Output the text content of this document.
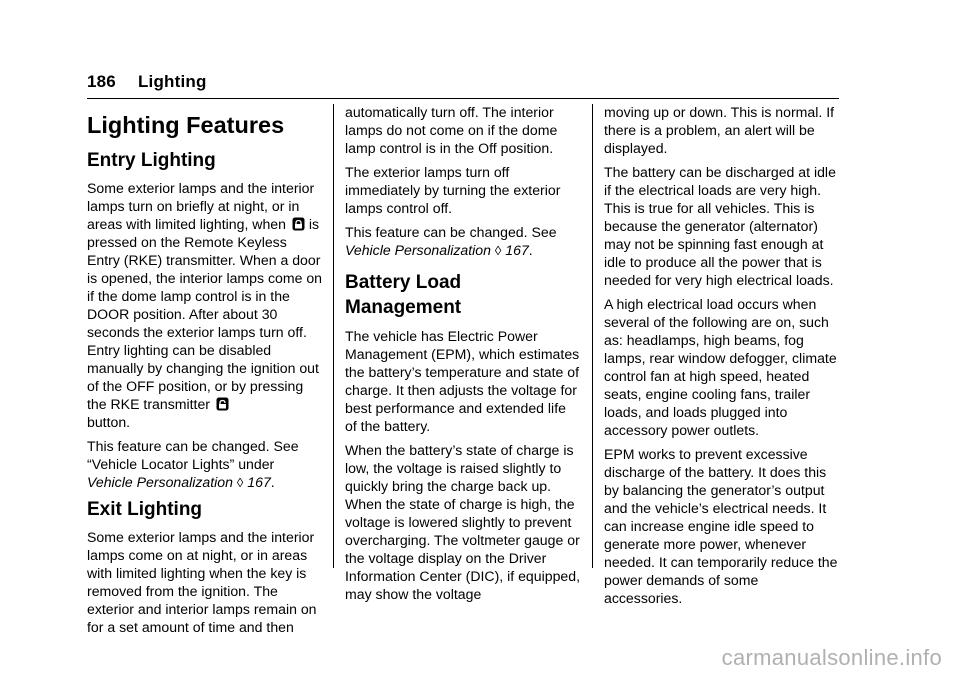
186 Lighting
Lighting Features
Entry Lighting

Some exterior lamps and the interior lamps turn on briefly at night, or in areas with limited lighting, when is pressed on the Remote Keyless Entry (RKE) transmitter. When a door is opened, the interior lamps come on if the dome lamp control is in the DOOR position. After about 30 seconds the exterior lamps turn off. Entry lighting can be disabled manually by changing the ignition out of the OFF position, or by pressing the RKE transmitter
button.

This feature can be changed. See “Vehicle Locator Lights” under
Vehicle Personalization ◊ 167.

Exit Lighting

Some exterior lamps and the interior lamps come on at night, or in areas with limited lighting when the key is removed from the ignition. The exterior and interior lamps remain on for a set amount of time and then

automatically turn off. The interior lamps do not come on if the dome lamp control is in the Off position.

The exterior lamps turn off immediately by turning the exterior lamps control off.

This feature can be changed. See
Vehicle Personalization ◊ 167.

Battery Load Management

The vehicle has Electric Power Management (EPM), which estimates the battery’s temperature and state of charge. It then adjusts the voltage for best performance and extended life of the battery.

When the battery’s state of charge is low, the voltage is raised slightly to quickly bring the charge back up. When the state of charge is high, the voltage is lowered slightly to prevent overcharging. The voltmeter gauge or the voltage display on the Driver Information Center (DIC), if equipped, may show the voltage

moving up or down. This is normal. If there is a problem, an alert will be displayed.

The battery can be discharged at idle if the electrical loads are very high. This is true for all vehicles. This is because the generator (alternator) may not be spinning fast enough at idle to produce all the power that is needed for very high electrical loads.

A high electrical load occurs when several of the following are on, such as: headlamps, high beams, fog lamps, rear window defogger, climate control fan at high speed, heated seats, engine cooling fans, trailer loads, and loads plugged into accessory power outlets.

EPM works to prevent excessive discharge of the battery. It does this by balancing the generator’s output and the vehicle’s electrical needs. It can increase engine idle speed to generate more power, whenever needed. It can temporarily reduce the power demands of some accessories.

carmanualsonline.info
